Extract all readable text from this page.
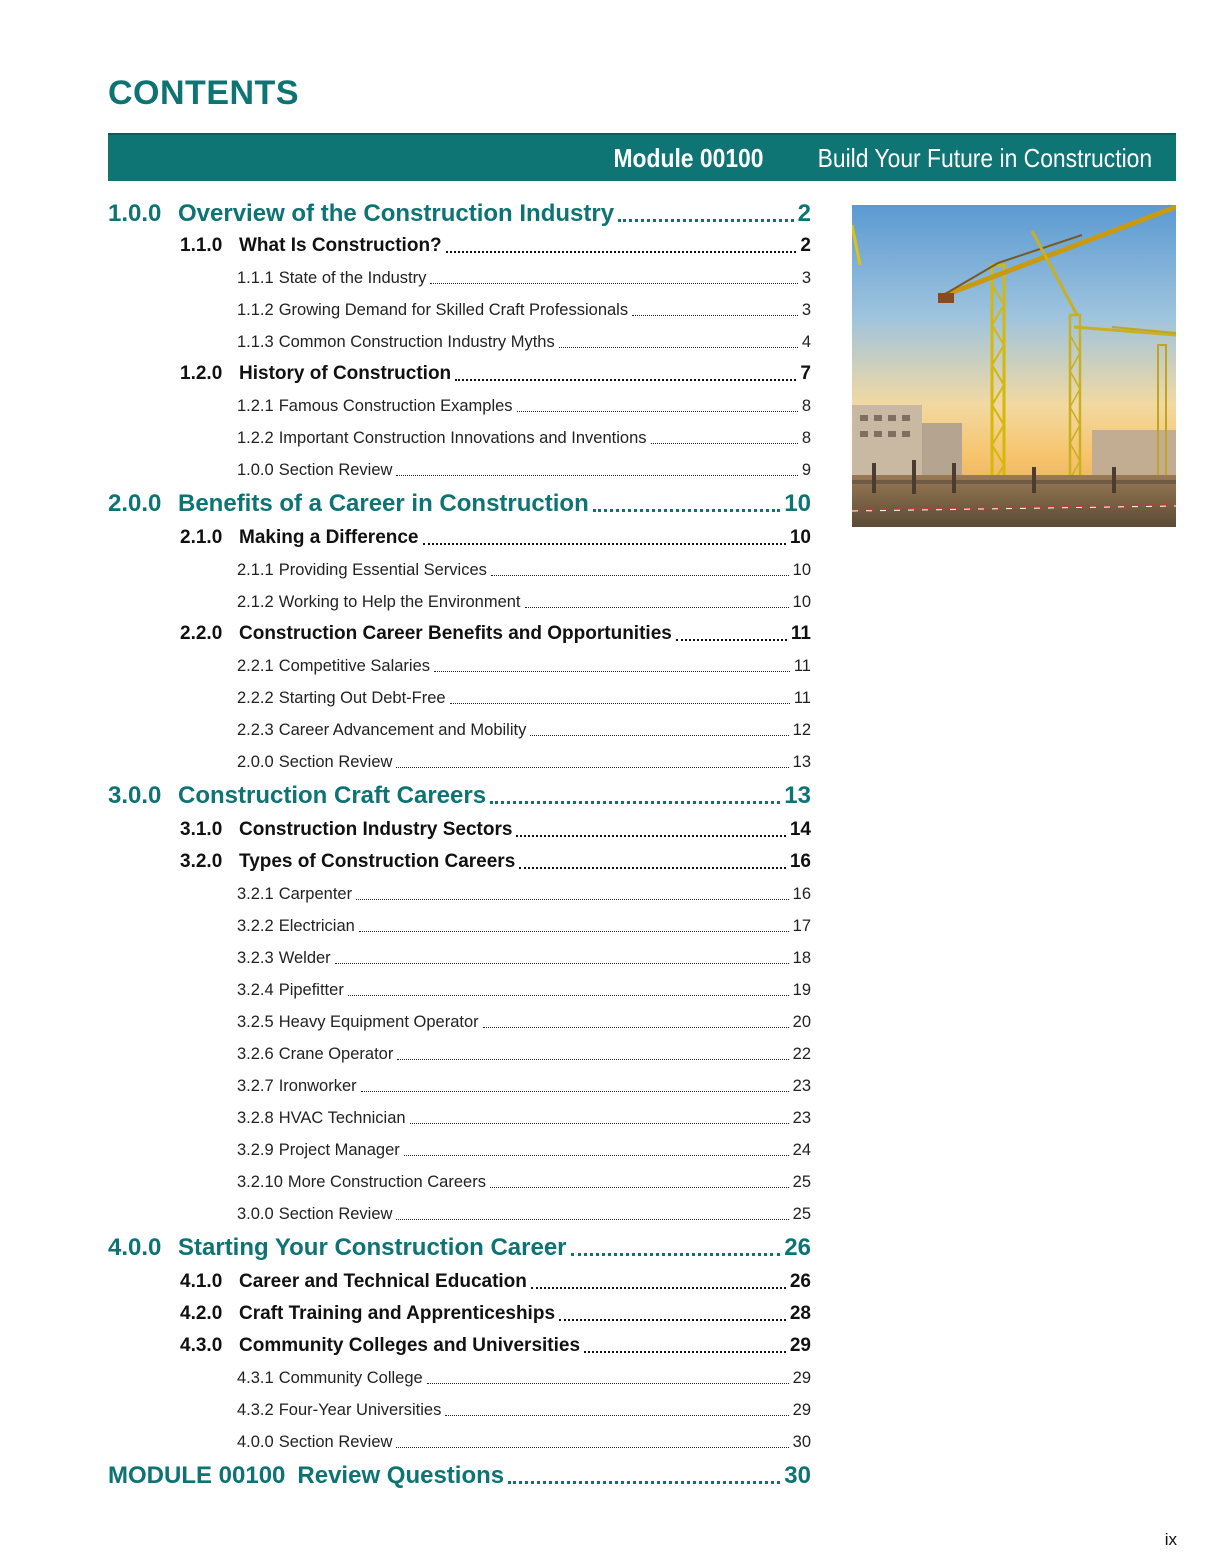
CONTENTS
Module 00100 Build Your Future in Construction
1.0.0 Overview of the Construction Industry	2
1.1.0 What Is Construction?	2
1.1.1 State of the Industry	3
1.1.2 Growing Demand for Skilled Craft Professionals	3
1.1.3 Common Construction Industry Myths	4
1.2.0 History of Construction	7
1.2.1 Famous Construction Examples	8
1.2.2 Important Construction Innovations and Inventions	8
1.0.0 Section Review	9
2.0.0 Benefits of a Career in Construction	10
2.1.0 Making a Difference	10
2.1.1 Providing Essential Services	10
2.1.2 Working to Help the Environment	10
2.2.0 Construction Career Benefits and Opportunities	11
2.2.1 Competitive Salaries	11
2.2.2 Starting Out Debt-Free	11
2.2.3 Career Advancement and Mobility	12
2.0.0 Section Review	13
3.0.0 Construction Craft Careers	13
3.1.0 Construction Industry Sectors	14
3.2.0 Types of Construction Careers	16
3.2.1 Carpenter	16
3.2.2 Electrician	17
3.2.3 Welder	18
3.2.4 Pipefitter	19
3.2.5 Heavy Equipment Operator	20
3.2.6 Crane Operator	22
3.2.7 Ironworker	23
3.2.8 HVAC Technician	23
3.2.9 Project Manager	24
3.2.10 More Construction Careers	25
3.0.0 Section Review	25
4.0.0 Starting Your Construction Career	26
4.1.0 Career and Technical Education	26
4.2.0 Craft Training and Apprenticeships	28
4.3.0 Community Colleges and Universities	29
4.3.1 Community College	29
4.3.2 Four-Year Universities	29
4.0.0 Section Review	30
MODULE 00100 Review Questions	30
ix
